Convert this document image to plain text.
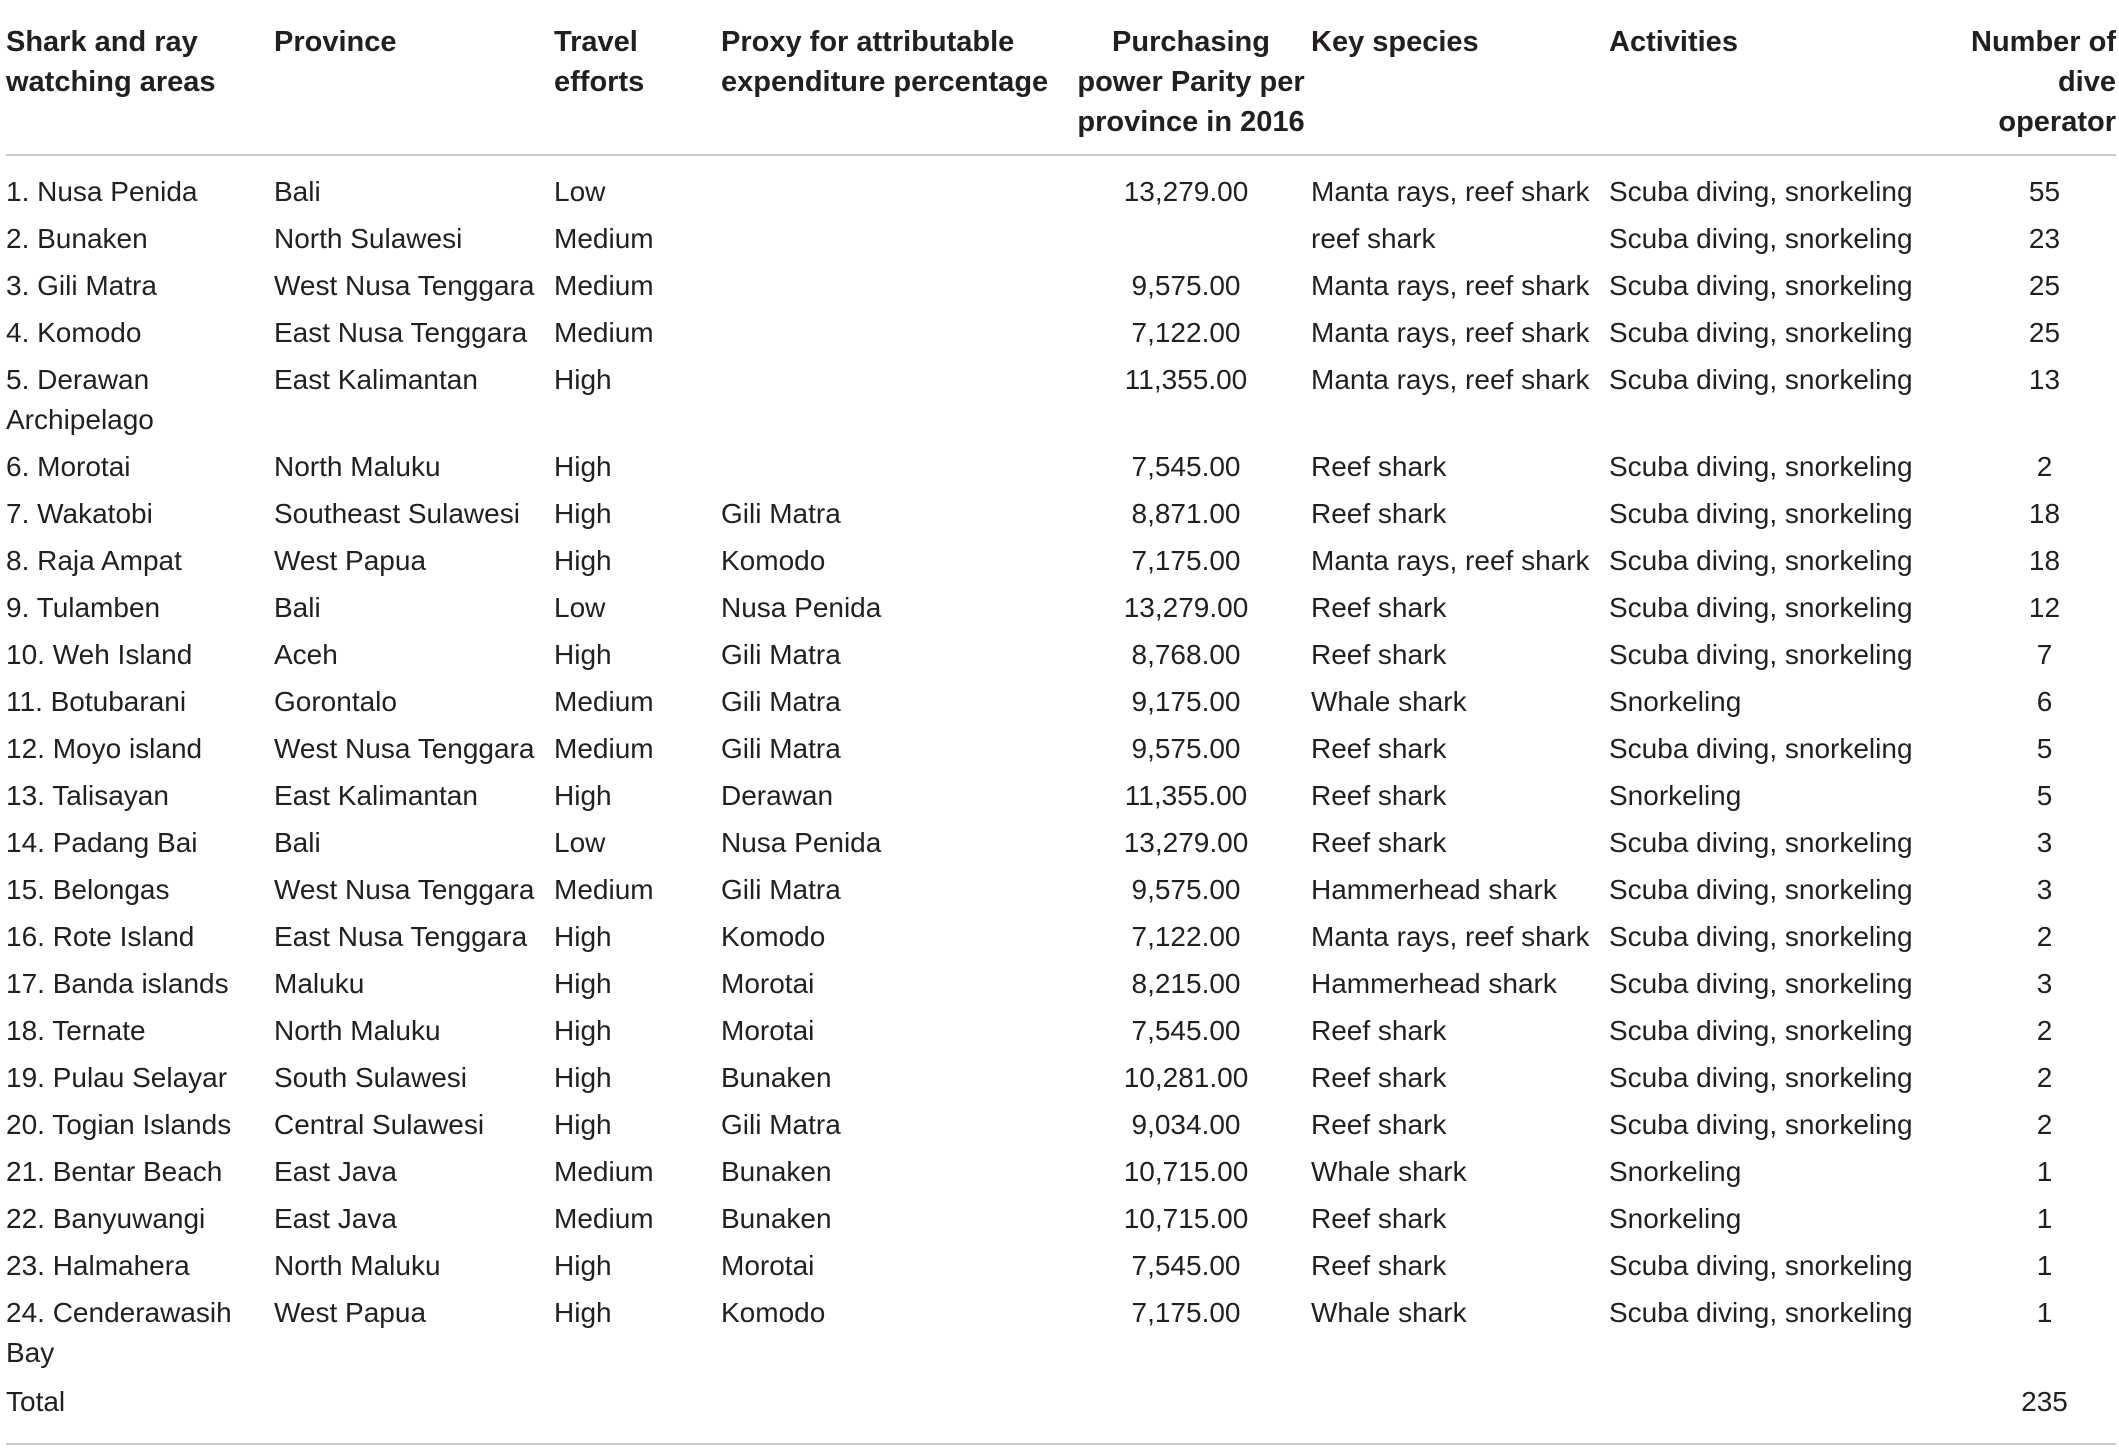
Shark and ray watching areas	Province	Travel efforts	Proxy for attributable expenditure percentage	Purchasing power Parity per province in 2016	Key species	Activities	Number of dive operator
1. Nusa Penida	Bali	Low		13,279.00	Manta rays, reef shark	Scuba diving, snorkeling	55
2. Bunaken	North Sulawesi	Medium			reef shark	Scuba diving, snorkeling	23
3. Gili Matra	West Nusa Tenggara	Medium		9,575.00	Manta rays, reef shark	Scuba diving, snorkeling	25
4. Komodo	East Nusa Tenggara	Medium		7,122.00	Manta rays, reef shark	Scuba diving, snorkeling	25
5. Derawan Archipelago	East Kalimantan	High		11,355.00	Manta rays, reef shark	Scuba diving, snorkeling	13
6. Morotai	North Maluku	High		7,545.00	Reef shark	Scuba diving, snorkeling	2
7. Wakatobi	Southeast Sulawesi	High	Gili Matra	8,871.00	Reef shark	Scuba diving, snorkeling	18
8. Raja Ampat	West Papua	High	Komodo	7,175.00	Manta rays, reef shark	Scuba diving, snorkeling	18
9. Tulamben	Bali	Low	Nusa Penida	13,279.00	Reef shark	Scuba diving, snorkeling	12
10. Weh Island	Aceh	High	Gili Matra	8,768.00	Reef shark	Scuba diving, snorkeling	7
11. Botubarani	Gorontalo	Medium	Gili Matra	9,175.00	Whale shark	Snorkeling	6
12. Moyo island	West Nusa Tenggara	Medium	Gili Matra	9,575.00	Reef shark	Scuba diving, snorkeling	5
13. Talisayan	East Kalimantan	High	Derawan	11,355.00	Reef shark	Snorkeling	5
14. Padang Bai	Bali	Low	Nusa Penida	13,279.00	Reef shark	Scuba diving, snorkeling	3
15. Belongas	West Nusa Tenggara	Medium	Gili Matra	9,575.00	Hammerhead shark	Scuba diving, snorkeling	3
16. Rote Island	East Nusa Tenggara	High	Komodo	7,122.00	Manta rays, reef shark	Scuba diving, snorkeling	2
17. Banda islands	Maluku	High	Morotai	8,215.00	Hammerhead shark	Scuba diving, snorkeling	3
18. Ternate	North Maluku	High	Morotai	7,545.00	Reef shark	Scuba diving, snorkeling	2
19. Pulau Selayar	South Sulawesi	High	Bunaken	10,281.00	Reef shark	Scuba diving, snorkeling	2
20. Togian Islands	Central Sulawesi	High	Gili Matra	9,034.00	Reef shark	Scuba diving, snorkeling	2
21. Bentar Beach	East Java	Medium	Bunaken	10,715.00	Whale shark	Snorkeling	1
22. Banyuwangi	East Java	Medium	Bunaken	10,715.00	Reef shark	Snorkeling	1
23. Halmahera	North Maluku	High	Morotai	7,545.00	Reef shark	Scuba diving, snorkeling	1
24. Cenderawasih Bay	West Papua	High	Komodo	7,175.00	Whale shark	Scuba diving, snorkeling	1
Total							235
